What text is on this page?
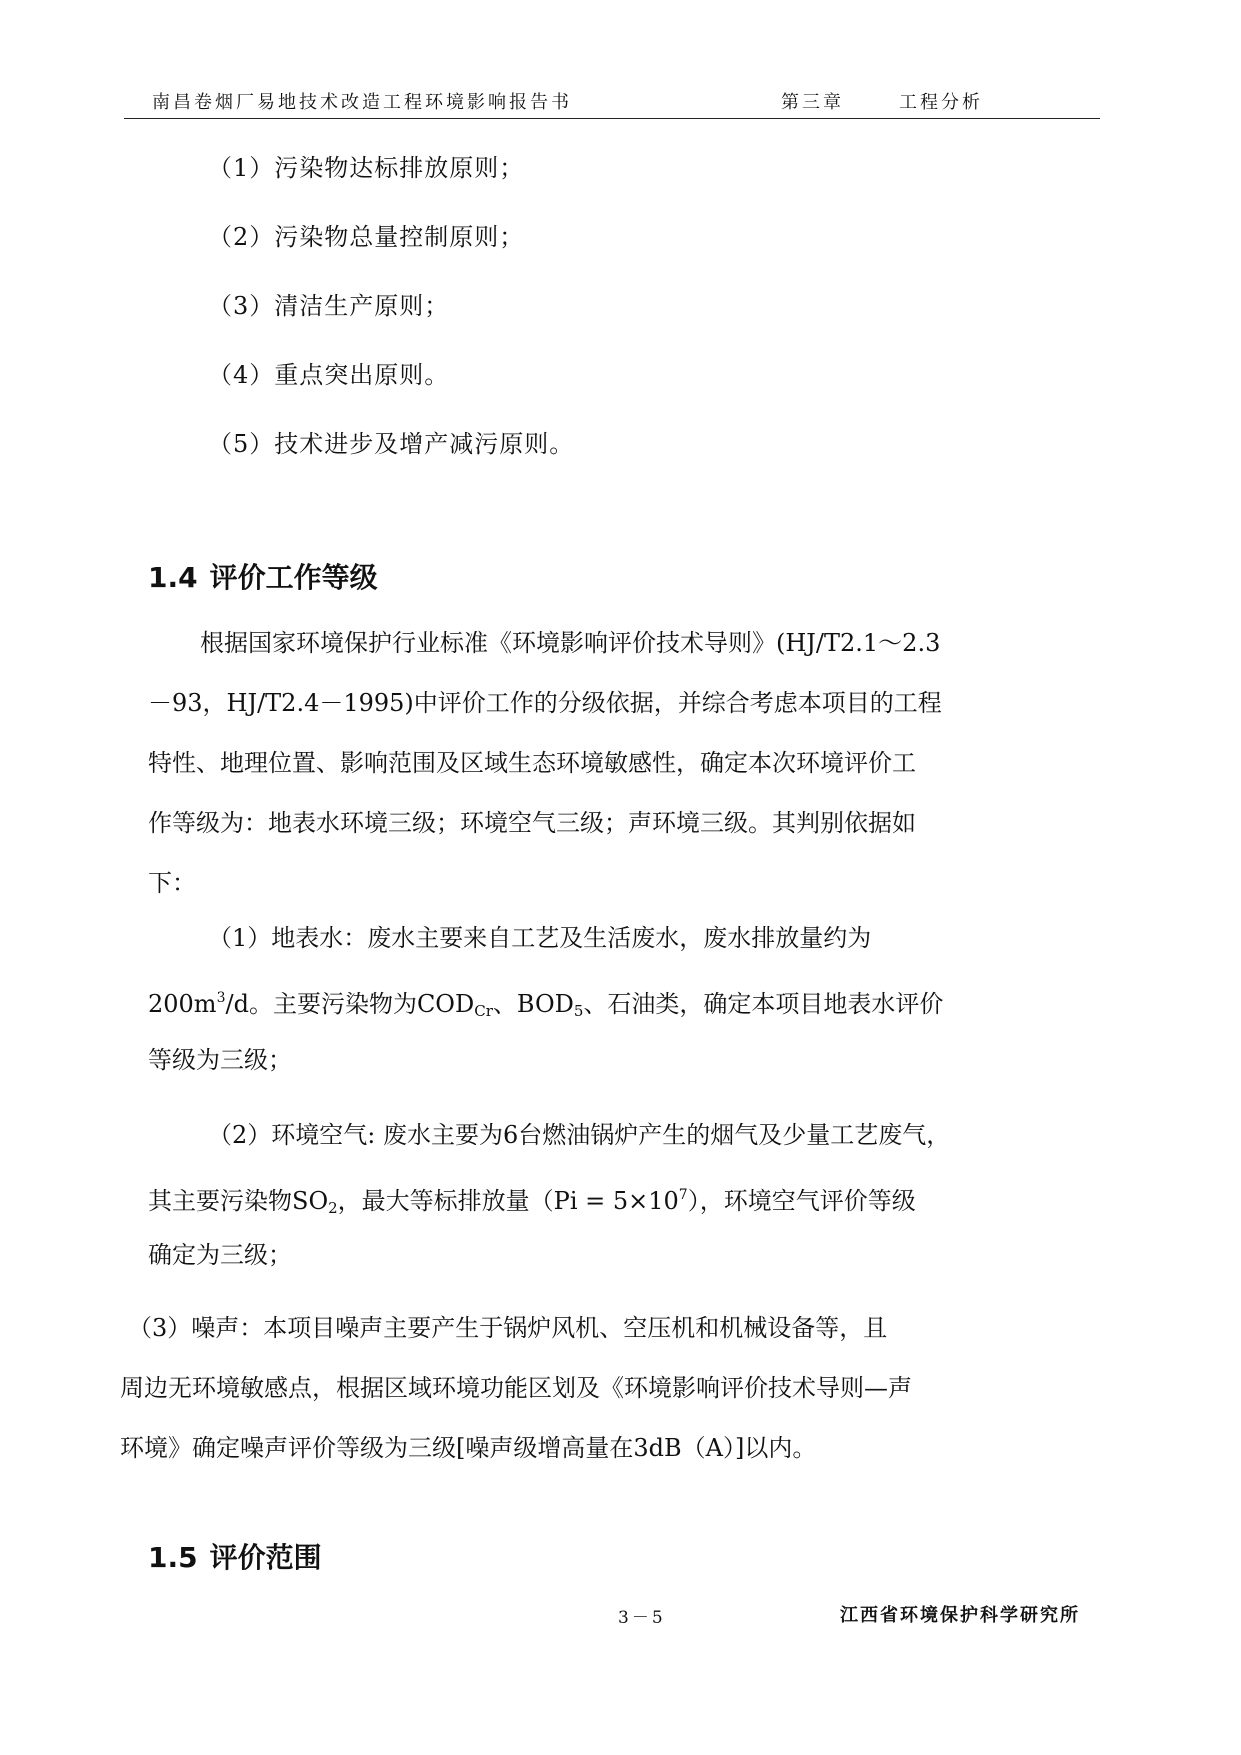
南昌卷烟厂易地技术改造工程环境影响报告书	第三章	工程分析
（1）污染物达标排放原则；
（2）污染物总量控制原则；
（3）清洁生产原则；
（4）重点突出原则。
（5）技术进步及增产减污原则。
1.4 评价工作等级
根据国家环境保护行业标准《环境影响评价技术导则》(HJ/T2.1～2.3
－93，HJ/T2.4－1995)中评价工作的分级依据，并综合考虑本项目的工程
特性、地理位置、影响范围及区域生态环境敏感性，确定本次环境评价工
作等级为：地表水环境三级；环境空气三级；声环境三级。其判别依据如
下：
（1）地表水：废水主要来自工艺及生活废水，废水排放量约为
$200m^3/d$。主要污染物为$COD_{Cr}$、$BOD_5$、石油类，确定本项目地表水评价
等级为三级；
（2）环境空气: 废水主要为6台燃油锅炉产生的烟气及少量工艺废气，
其主要污染物$SO_2$，最大等标排放量$(Pi = 5\times 10^7)$，环境空气评价等级
确定为三级；
（3）噪声：本项目噪声主要产生于锅炉风机、空压机和机械设备等，且
周边无环境敏感点，根据区域环境功能区划及《环境影响评价技术导则—声
环境》确定噪声评价等级为三级[噪声级增高量在3dB（A）]以内。
1.5 评价范围
3－5	江西省环境保护科学研究所
